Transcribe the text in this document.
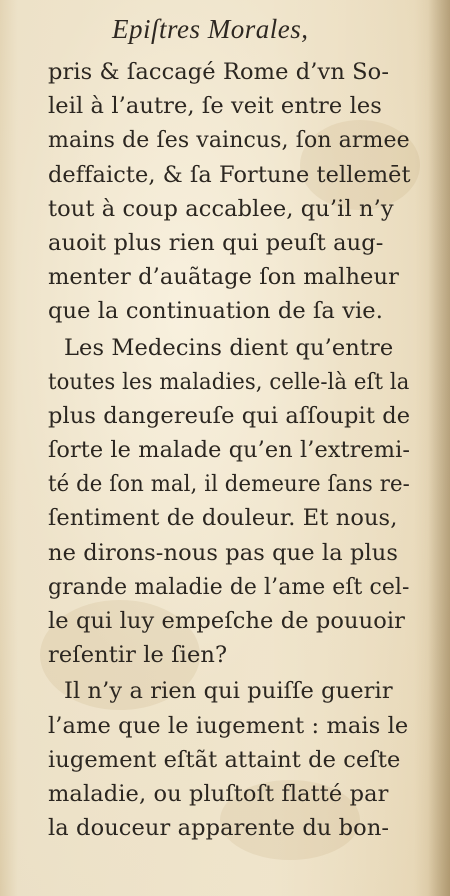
Epiſtres Morales,
pris & ſaccagé Rome d’vn So-
leil à l’autre, ſe veit entre les
mains de ſes vaincus, ſon armee
deffaicte, & ſa Fortune tellemēt
tout à coup accablee, qu’il n’y
auoit plus rien qui peuſt aug-
menter d’auãtage ſon malheur
que la continuation de ſa vie.
Les Medecins dient qu’entre
toutes les maladies, celle-là eſt la
plus dangereuſe qui aſſoupit de
ſorte le malade qu’en l’extremi-
té de ſon mal, il demeure ſans re-
ſentiment de douleur. Et nous,
ne dirons-nous pas que la plus
grande maladie de l’ame eſt cel-
le qui luy empeſche de pouuoir
reſentir le ſien?
Il n’y a rien qui puiſſe guerir
l’ame que le iugement : mais le
iugement eſtãt attaint de ceſte
maladie, ou pluſtoſt flatté par
la douceur apparente du bon-
